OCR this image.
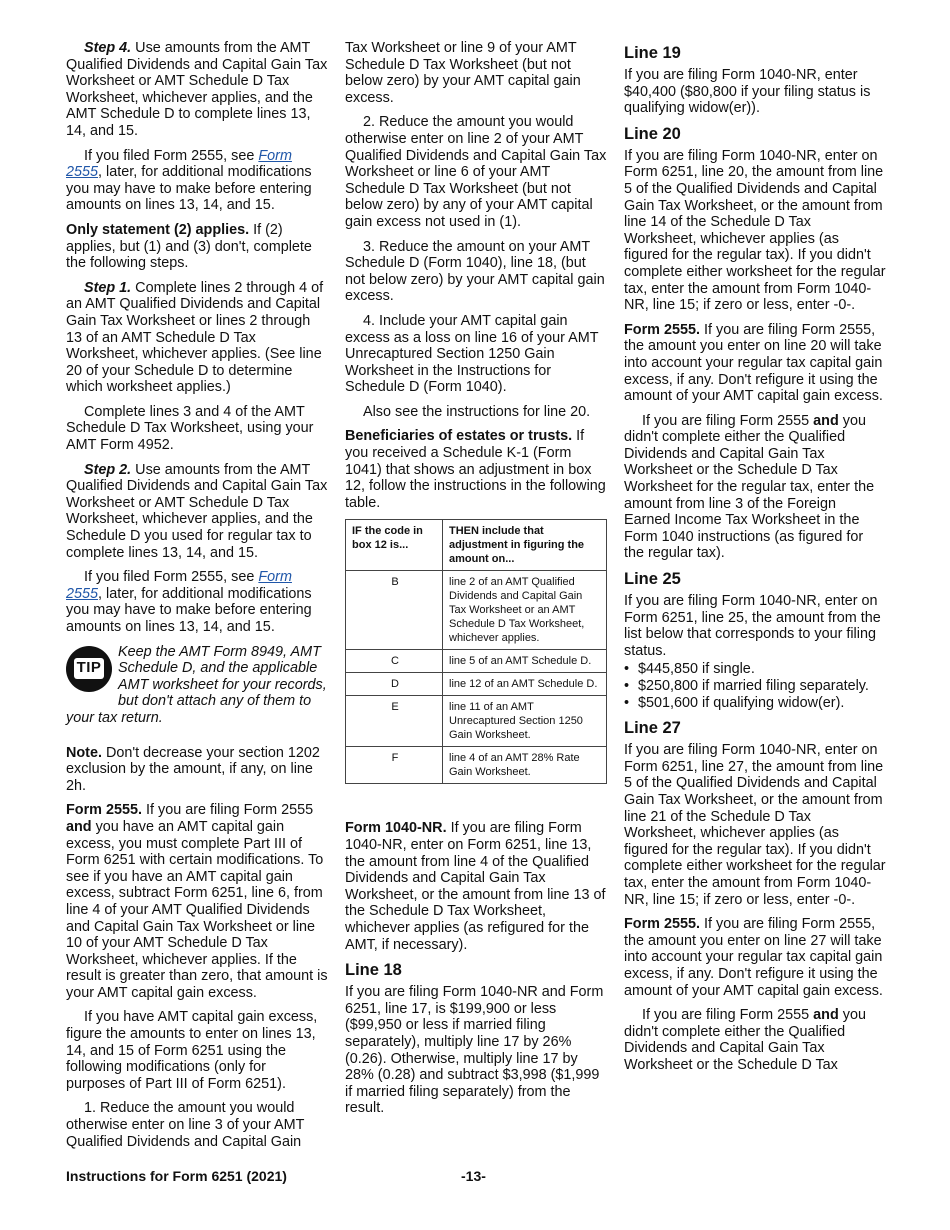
Step 4. Use amounts from the AMT Qualified Dividends and Capital Gain Tax Worksheet or AMT Schedule D Tax Worksheet, whichever applies, and the AMT Schedule D to complete lines 13, 14, and 15.

If you filed Form 2555, see Form 2555, later, for additional modifications you may have to make before entering amounts on lines 13, 14, and 15.

Only statement (2) applies. If (2) applies, but (1) and (3) don't, complete the following steps.

Step 1. Complete lines 2 through 4 of an AMT Qualified Dividends and Capital Gain Tax Worksheet or lines 2 through 13 of an AMT Schedule D Tax Worksheet, whichever applies. (See line 20 of your Schedule D to determine which worksheet applies.)

Complete lines 3 and 4 of the AMT Schedule D Tax Worksheet, using your AMT Form 4952.

Step 2. Use amounts from the AMT Qualified Dividends and Capital Gain Tax Worksheet or AMT Schedule D Tax Worksheet, whichever applies, and the Schedule D you used for regular tax to complete lines 13, 14, and 15.

If you filed Form 2555, see Form 2555, later, for additional modifications you may have to make before entering amounts on lines 13, 14, and 15.

TIP
Keep the AMT Form 8949, AMT Schedule D, and the applicable AMT worksheet for your records, but don't attach any of them to your tax return.

Note. Don't decrease your section 1202 exclusion by the amount, if any, on line 2h.

Form 2555. If you are filing Form 2555 and you have an AMT capital gain excess, you must complete Part III of Form 6251 with certain modifications. To see if you have an AMT capital gain excess, subtract Form 6251, line 6, from line 4 of your AMT Qualified Dividends and Capital Gain Tax Worksheet or line 10 of your AMT Schedule D Tax Worksheet, whichever applies. If the result is greater than zero, that amount is your AMT capital gain excess.

If you have AMT capital gain excess, figure the amounts to enter on lines 13, 14, and 15 of Form 6251 using the following modifications (only for purposes of Part III of Form 6251).

1. Reduce the amount you would otherwise enter on line 3 of your AMT Qualified Dividends and Capital Gain

Tax Worksheet or line 9 of your AMT Schedule D Tax Worksheet (but not below zero) by your AMT capital gain excess.

2. Reduce the amount you would otherwise enter on line 2 of your AMT Qualified Dividends and Capital Gain Tax Worksheet or line 6 of your AMT Schedule D Tax Worksheet (but not below zero) by any of your AMT capital gain excess not used in (1).

3. Reduce the amount on your AMT Schedule D (Form 1040), line 18, (but not below zero) by your AMT capital gain excess.

4. Include your AMT capital gain excess as a loss on line 16 of your AMT Unrecaptured Section 1250 Gain Worksheet in the Instructions for Schedule D (Form 1040).

Also see the instructions for line 20.

Beneficiaries of estates or trusts. If you received a Schedule K-1 (Form 1041) that shows an adjustment in box 12, follow the instructions in the following table.

IF the code in box 12 is...	THEN include that adjustment in figuring the amount on...
B	line 2 of an AMT Qualified Dividends and Capital Gain Tax Worksheet or an AMT Schedule D Tax Worksheet, whichever applies.
C	line 5 of an AMT Schedule D.
D	line 12 of an AMT Schedule D.
E	line 11 of an AMT Unrecaptured Section 1250 Gain Worksheet.
F	line 4 of an AMT 28% Rate Gain Worksheet.

Form 1040-NR. If you are filing Form 1040-NR, enter on Form 6251, line 13, the amount from line 4 of the Qualified Dividends and Capital Gain Tax Worksheet, or the amount from line 13 of the Schedule D Tax Worksheet, whichever applies (as refigured for the AMT, if necessary).

Line 18

If you are filing Form 1040-NR and Form 6251, line 17, is $199,900 or less ($99,950 or less if married filing separately), multiply line 17 by 26% (0.26). Otherwise, multiply line 17 by 28% (0.28) and subtract $3,998 ($1,999 if married filing separately) from the result.

Line 19

If you are filing Form 1040-NR, enter $40,400 ($80,800 if your filing status is qualifying widow(er)).

Line 20

If you are filing Form 1040-NR, enter on Form 6251, line 20, the amount from line 5 of the Qualified Dividends and Capital Gain Tax Worksheet, or the amount from line 14 of the Schedule D Tax Worksheet, whichever applies (as figured for the regular tax). If you didn't complete either worksheet for the regular tax, enter the amount from Form 1040-NR, line 15; if zero or less, enter -0-.

Form 2555. If you are filing Form 2555, the amount you enter on line 20 will take into account your regular tax capital gain excess, if any. Don't refigure it using the amount of your AMT capital gain excess.

If you are filing Form 2555 and you didn't complete either the Qualified Dividends and Capital Gain Tax Worksheet or the Schedule D Tax Worksheet for the regular tax, enter the amount from line 3 of the Foreign Earned Income Tax Worksheet in the Form 1040 instructions (as figured for the regular tax).

Line 25

If you are filing Form 1040-NR, enter on Form 6251, line 25, the amount from the list below that corresponds to your filing status.

• $445,850 if single.
• $250,800 if married filing separately.
• $501,600 if qualifying widow(er).
Line 27

If you are filing Form 1040-NR, enter on Form 6251, line 27, the amount from line 5 of the Qualified Dividends and Capital Gain Tax Worksheet, or the amount from line 21 of the Schedule D Tax Worksheet, whichever applies (as figured for the regular tax). If you didn't complete either worksheet for the regular tax, enter the amount from Form 1040-NR, line 15; if zero or less, enter -0-.

Form 2555. If you are filing Form 2555, the amount you enter on line 27 will take into account your regular tax capital gain excess, if any. Don't refigure it using the amount of your AMT capital gain excess.

If you are filing Form 2555 and you didn't complete either the Qualified Dividends and Capital Gain Tax Worksheet or the Schedule D Tax

Instructions for Form 6251 (2021)	-13-
